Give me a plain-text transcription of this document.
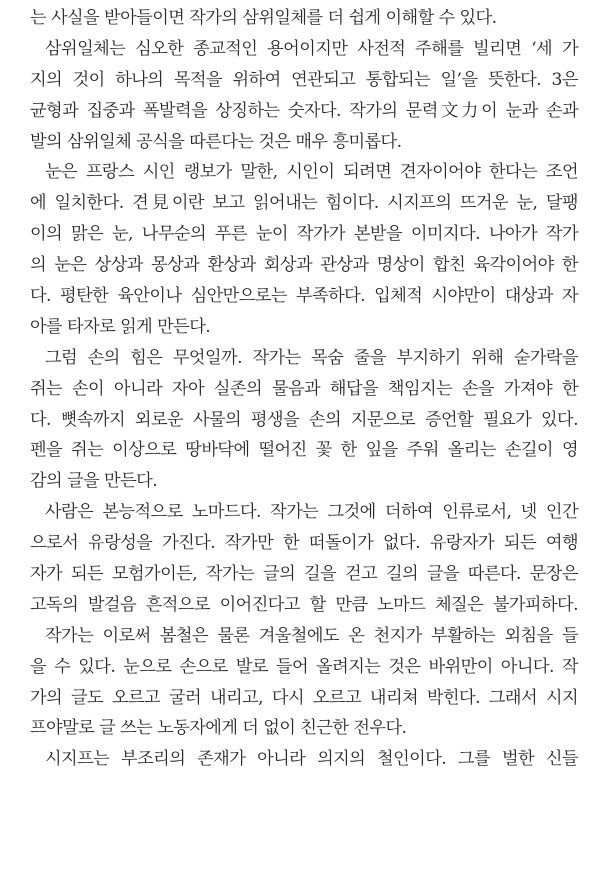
는 사실을 받아들이면 작가의 삼위일체를 더 쉽게 이해할 수 있다.
삼위일체는 심오한 종교적인 용어이지만 사전적 주해를 빌리면 ‘세 가
지의 것이 하나의 목적을 위하여 연관되고 통합되는 일’을 뜻한다. 3은
균형과 집중과 폭발력을 상징하는 숫자다. 작가의 문력文力이 눈과 손과
발의 삼위일체 공식을 따른다는 것은 매우 흥미롭다.
눈은 프랑스 시인 랭보가 말한, 시인이 되려면 견자이어야 한다는 조언
에 일치한다. 견見이란 보고 읽어내는 힘이다. 시지프의 뜨거운 눈, 달팽
이의 맑은 눈, 나무순의 푸른 눈이 작가가 본받을 이미지다. 나아가 작가
의 눈은 상상과 몽상과 환상과 회상과 관상과 명상이 합친 육각이어야 한
다. 평탄한 육안이나 심안만으로는 부족하다. 입체적 시야만이 대상과 자
아를 타자로 읽게 만든다.
그럼 손의 힘은 무엇일까. 작가는 목숨 줄을 부지하기 위해 숟가락을
쥐는 손이 아니라 자아 실존의 물음과 해답을 책임지는 손을 가져야 한
다. 뼛속까지 외로운 사물의 평생을 손의 지문으로 증언할 필요가 있다.
펜을 쥐는 이상으로 땅바닥에 떨어진 꽃 한 잎을 주워 올리는 손길이 영
감의 글을 만든다.
사람은 본능적으로 노마드다. 작가는 그것에 더하여 인류로서, 넷 인간
으로서 유랑성을 가진다. 작가만 한 떠돌이가 없다. 유랑자가 되든 여행
자가 되든 모험가이든, 작가는 글의 길을 걷고 길의 글을 따른다. 문장은
고독의 발걸음 흔적으로 이어진다고 할 만큼 노마드 체질은 불가피하다.
작가는 이로써 봄철은 물론 겨울철에도 온 천지가 부활하는 외침을 들
을 수 있다. 눈으로 손으로 발로 들어 올려지는 것은 바위만이 아니다. 작
가의 글도 오르고 굴러 내리고, 다시 오르고 내리쳐 박힌다. 그래서 시지
프야말로 글 쓰는 노동자에게 더 없이 친근한 전우다.
시지프는 부조리의 존재가 아니라 의지의 철인이다. 그를 벌한 신들
